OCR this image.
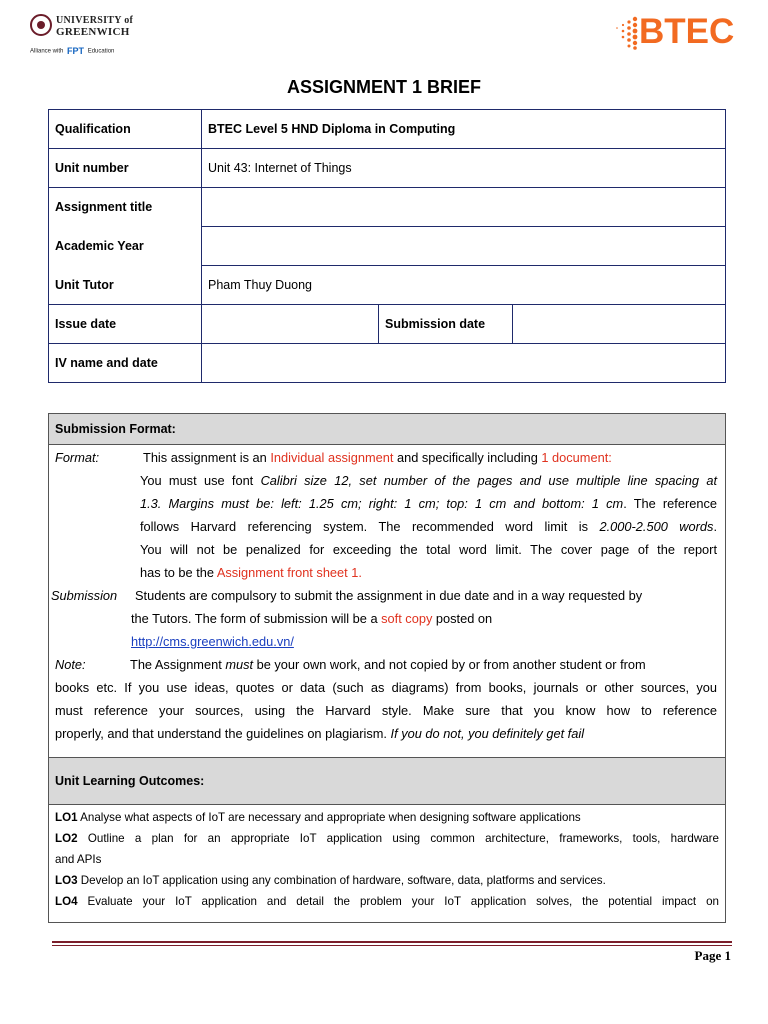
UNIVERSITY of
GREENWICH
Alliance with FPT Education
BTEC
ASSIGNMENT 1 BRIEF
Qualification	BTEC Level 5 HND Diploma in Computing		
Unit number	Unit 43: Internet of Things		
Assignment title			
Academic Year			
Unit Tutor	Pham Thuy Duong		
Issue date		Submission date	
IV name and date			
Submission Format:
Format:	This assignment is an Individual assignment and specifically including 1 document:
You must use font Calibri size 12, set number of the pages and use multiple line spacing at
1.3. Margins must be: left: 1.25 cm; right: 1 cm; top: 1 cm and bottom: 1 cm. The reference
follows Harvard referencing system. The recommended word limit is 2.000-2.500 words.
You will not be penalized for exceeding the total word limit. The cover page of the report
has to be the Assignment front sheet 1.
Submission Students are compulsory to submit the assignment in due date and in a way requested by
the Tutors. The form of submission will be a soft copy posted on
http://cms.greenwich.edu.vn/
Note:	The Assignment must be your own work, and not copied by or from another student or from
books etc. If you use ideas, quotes or data (such as diagrams) from books, journals or other sources, you
must reference your sources, using the Harvard style. Make sure that you know how to reference
properly, and that understand the guidelines on plagiarism. If you do not, you definitely get fail
Unit Learning Outcomes:
LO1 Analyse what aspects of IoT are necessary and appropriate when designing software applications
LO2 Outline a plan for an appropriate IoT application using common architecture, frameworks, tools, hardware
and APIs
LO3 Develop an IoT application using any combination of hardware, software, data, platforms and services.
LO4 Evaluate your IoT application and detail the problem your IoT application solves, the potential impact on
Page 1
